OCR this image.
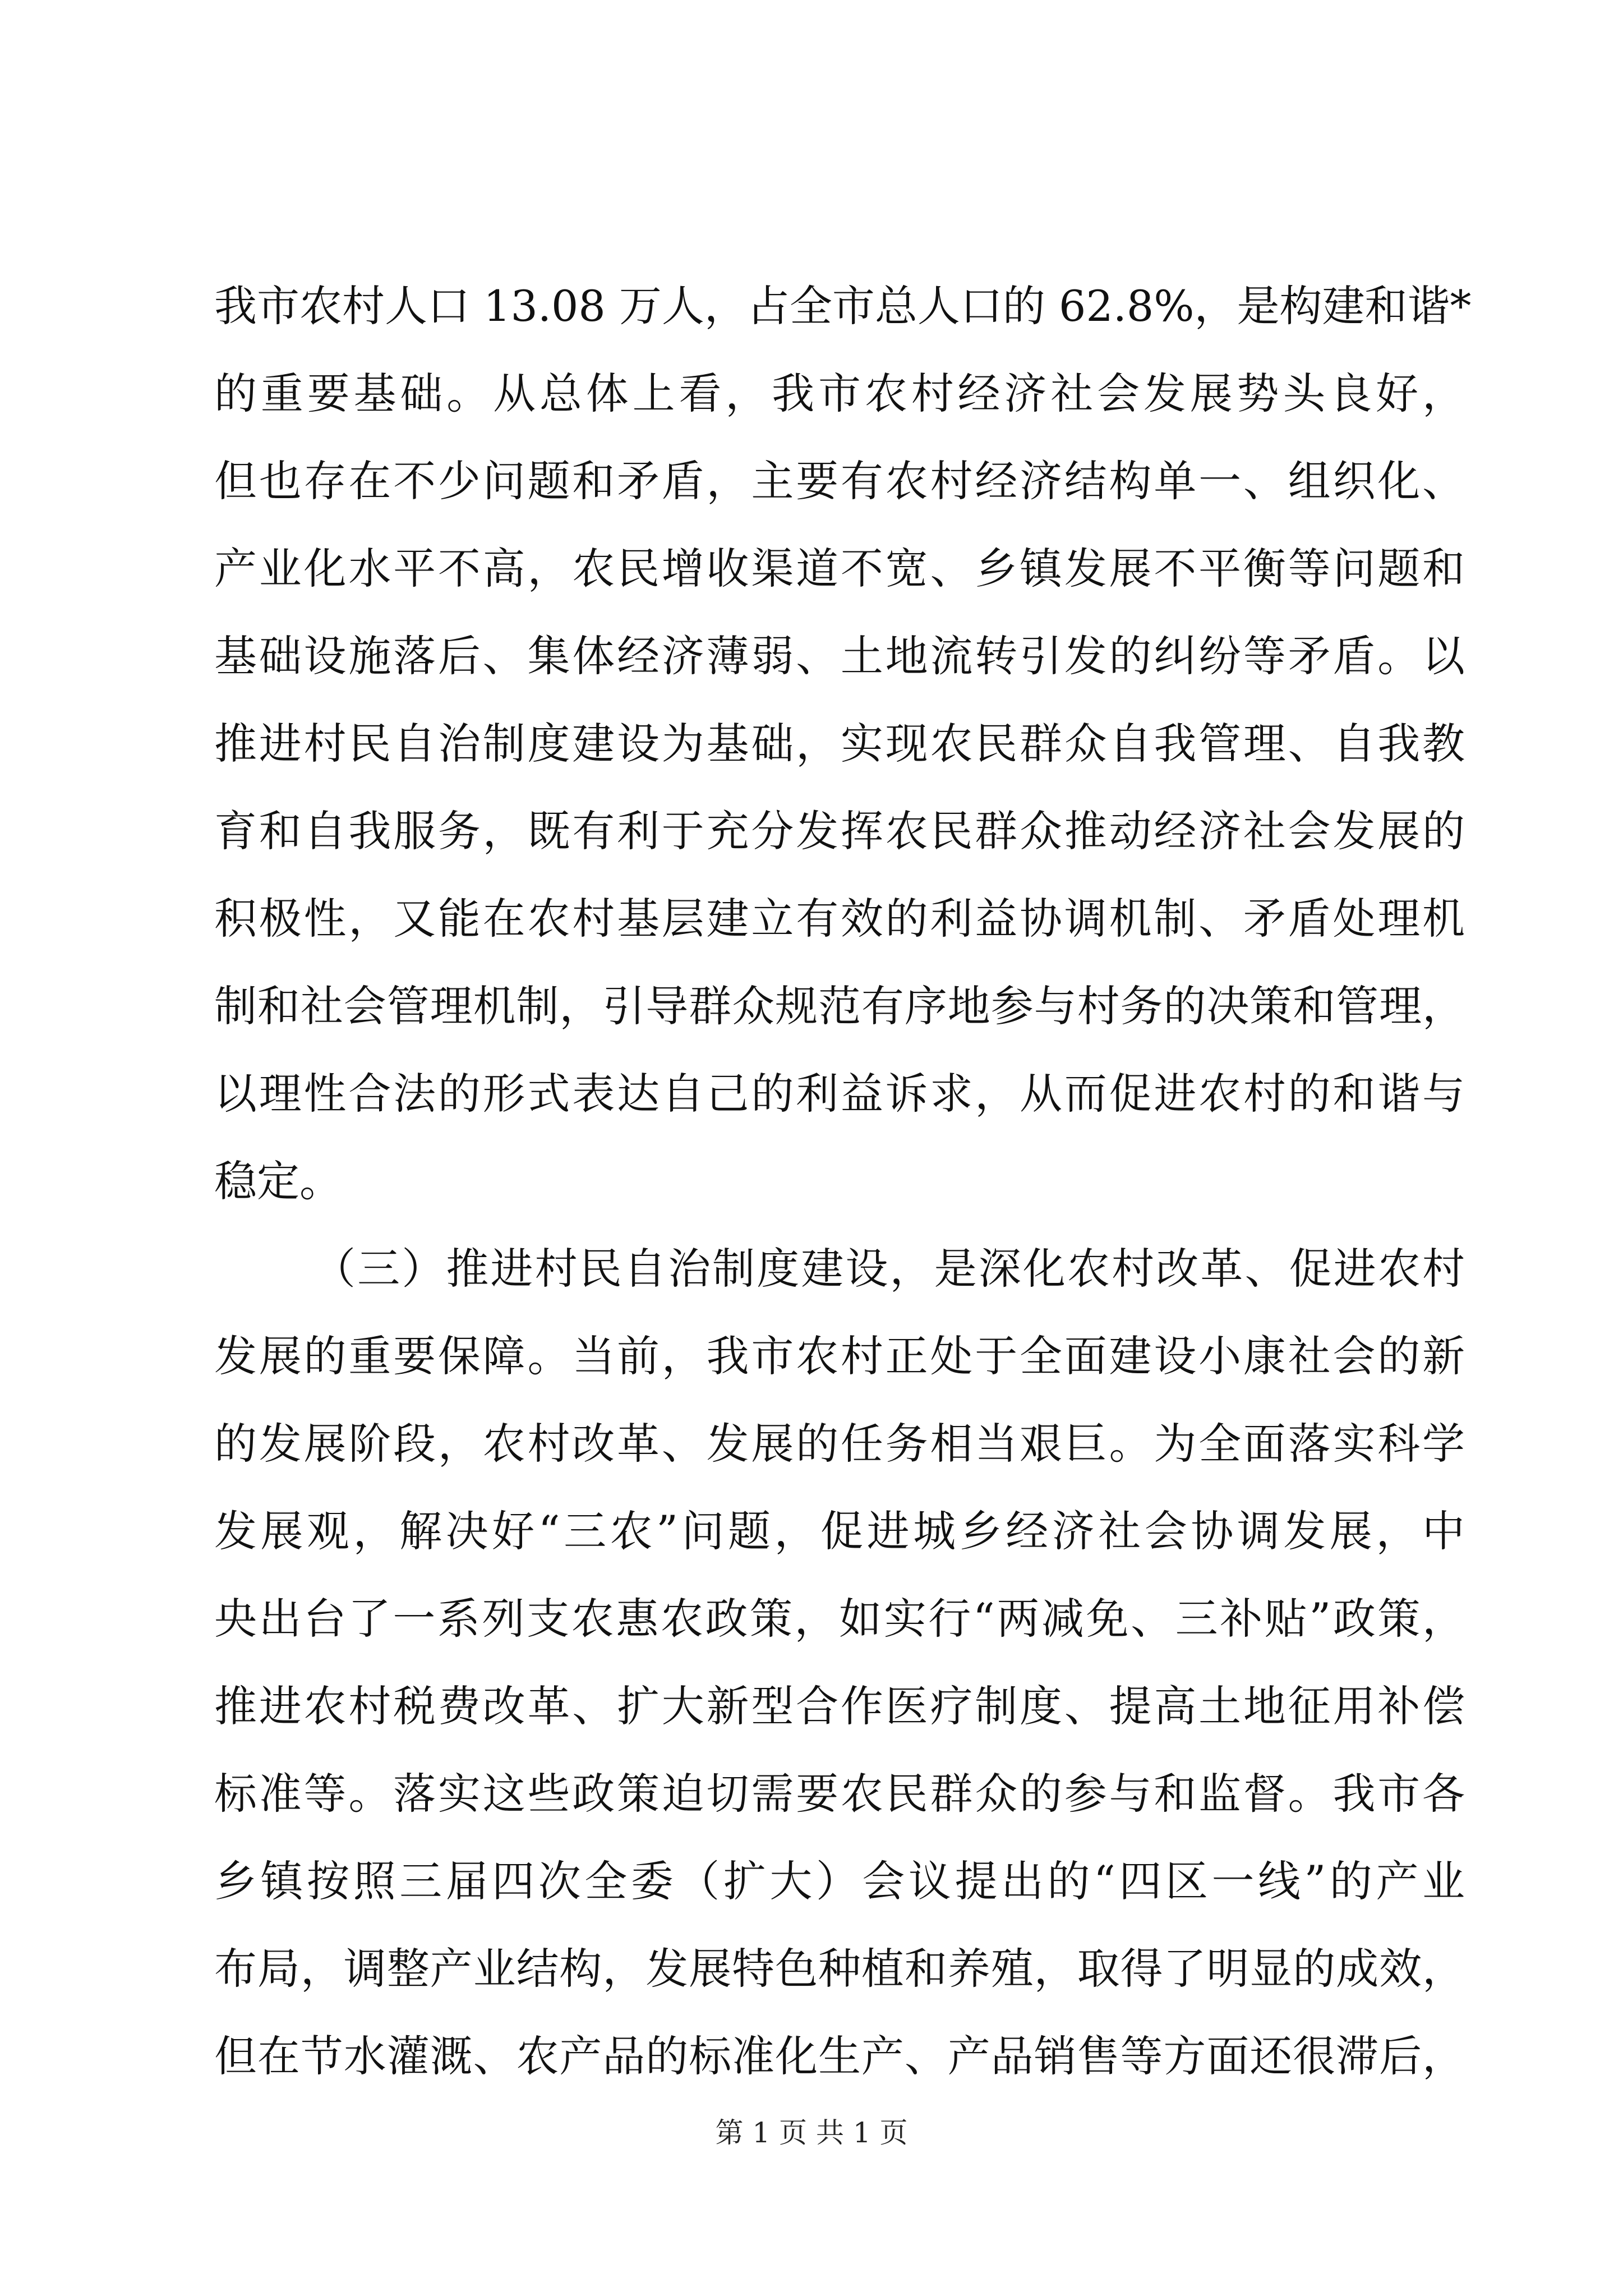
我市农村人口 13.08 万人，占全市总人口的 62.8%，是构建和谐*
的重要基础。从总体上看，我市农村经济社会发展势头良好，
但也存在不少问题和矛盾，主要有农村经济结构单一、组织化、
产业化水平不高，农民增收渠道不宽、乡镇发展不平衡等问题和
基础设施落后、集体经济薄弱、土地流转引发的纠纷等矛盾。以
推进村民自治制度建设为基础，实现农民群众自我管理、自我教
育和自我服务，既有利于充分发挥农民群众推动经济社会发展的
积极性，又能在农村基层建立有效的利益协调机制、矛盾处理机
制和社会管理机制，引导群众规范有序地参与村务的决策和管理，
以理性合法的形式表达自己的利益诉求，从而促进农村的和谐与
稳定。
（三）推进村民自治制度建设，是深化农村改革、促进农村
发展的重要保障。当前，我市农村正处于全面建设小康社会的新
的发展阶段，农村改革、发展的任务相当艰巨。为全面落实科学
发展观，解决好“三农”问题，促进城乡经济社会协调发展，中
央出台了一系列支农惠农政策，如实行“两减免、三补贴”政策，
推进农村税费改革、扩大新型合作医疗制度、提高土地征用补偿
标准等。落实这些政策迫切需要农民群众的参与和监督。我市各
乡镇按照三届四次全委（扩大）会议提出的“四区一线”的产业
布局，调整产业结构，发展特色种植和养殖，取得了明显的成效，
但在节水灌溉、农产品的标准化生产、产品销售等方面还很滞后，
第 1 页 共 1 页
